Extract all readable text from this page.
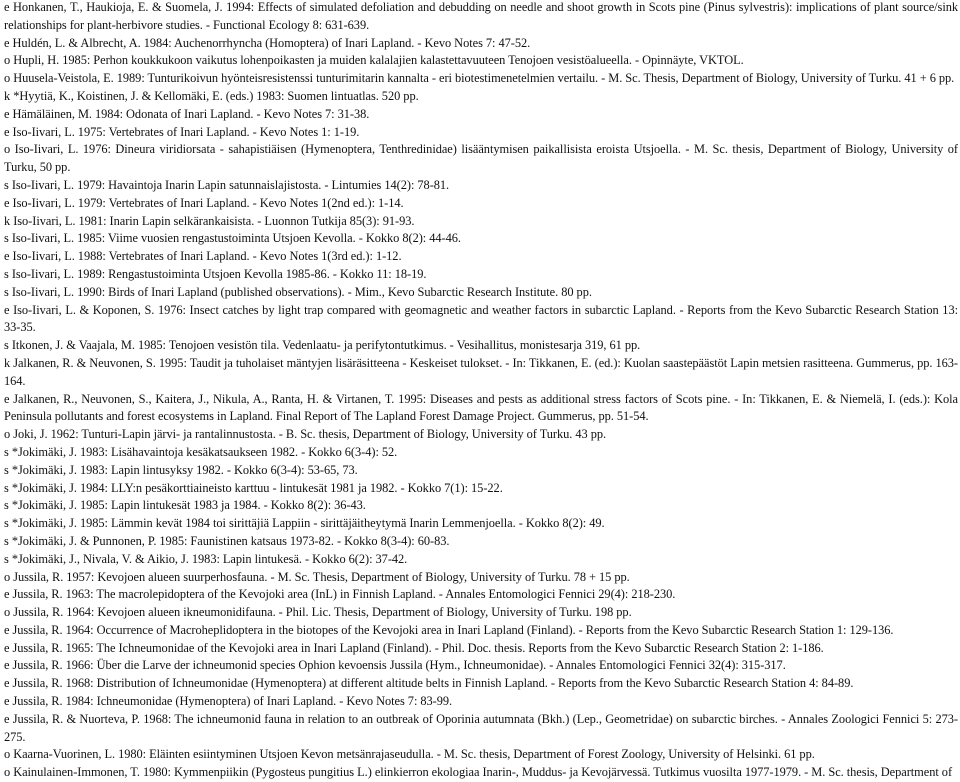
e Honkanen, T., Haukioja, E. & Suomela, J. 1994: Effects of simulated defoliation and debudding on needle and shoot growth in Scots pine (Pinus sylvestris): implications of plant source/sink relationships for plant-herbivore studies. - Functional Ecology 8: 631-639.

e Huldén, L. & Albrecht, A. 1984: Auchenorrhyncha (Homoptera) of Inari Lapland. - Kevo Notes 7: 47-52.

o Hupli, H. 1985: Perhon koukkukoon vaikutus lohenpoikasten ja muiden kalalajien kalastettavuuteen Tenojoen vesistöalueella. - Opinnäyte, VKTOL.

o Huusela-Veistola, E. 1989: Tunturikoivun hyönteisresistenssi tunturimitarin kannalta - eri biotestimenetelmien vertailu. - M. Sc. Thesis, Department of Biology, University of Turku. 41 + 6 pp.

k *Hyytiä, K., Koistinen, J. & Kellomäki, E. (eds.) 1983: Suomen lintuatlas. 520 pp.

e Hämäläinen, M. 1984: Odonata of Inari Lapland. - Kevo Notes 7: 31-38.

e Iso-Iivari, L. 1975: Vertebrates of Inari Lapland. - Kevo Notes 1: 1-19.

o Iso-Iivari, L. 1976: Dineura viridiorsata - sahapistiäisen (Hymenoptera, Tenthredinidae) lisääntymisen paikallisista eroista Utsjoella. - M. Sc. thesis, Department of Biology, University of Turku, 50 pp.

s Iso-Iivari, L. 1979: Havaintoja Inarin Lapin satunnaislajistosta. - Lintumies 14(2): 78-81.

e Iso-Iivari, L. 1979: Vertebrates of Inari Lapland. - Kevo Notes 1(2nd ed.): 1-14.

k Iso-Iivari, L. 1981: Inarin Lapin selkärankaisista. - Luonnon Tutkija 85(3): 91-93.

s Iso-Iivari, L. 1985: Viime vuosien rengastustoiminta Utsjoen Kevolla. - Kokko 8(2): 44-46.

e Iso-Iivari, L. 1988: Vertebrates of Inari Lapland. - Kevo Notes 1(3rd ed.): 1-12.

s Iso-Iivari, L. 1989: Rengastustoiminta Utsjoen Kevolla 1985-86. - Kokko 11: 18-19.

s Iso-Iivari, L. 1990: Birds of Inari Lapland (published observations). - Mim., Kevo Subarctic Research Institute. 80 pp.

e Iso-Iivari, L. & Koponen, S. 1976: Insect catches by light trap compared with geomagnetic and weather factors in subarctic Lapland. - Reports from the Kevo Subarctic Research Station 13: 33-35.

s Itkonen, J. & Vaajala, M. 1985: Tenojoen vesistön tila. Vedenlaatu- ja perifytontutkimus. - Vesihallitus, monistesarja 319, 61 pp.

k Jalkanen, R. & Neuvonen, S. 1995: Taudit ja tuholaiset mäntyjen lisäräsitteena - Keskeiset tulokset. - In: Tikkanen, E. (ed.): Kuolan saastepäästöt Lapin metsien rasitteena. Gummerus, pp. 163-164.

e Jalkanen, R., Neuvonen, S., Kaitera, J., Nikula, A., Ranta, H. & Virtanen, T. 1995: Diseases and pests as additional stress factors of Scots pine. - In: Tikkanen, E. & Niemelä, I. (eds.): Kola Peninsula pollutants and forest ecosystems in Lapland. Final Report of The Lapland Forest Damage Project. Gummerus, pp. 51-54.

o Joki, J. 1962: Tunturi-Lapin järvi- ja rantalinnustosta. - B. Sc. thesis, Department of Biology, University of Turku. 43 pp.

s *Jokimäki, J. 1983: Lisähavaintoja kesäkatsaukseen 1982. - Kokko 6(3-4): 52.

s *Jokimäki, J. 1983: Lapin lintusyksy 1982. - Kokko 6(3-4): 53-65, 73.

s *Jokimäki, J. 1984: LLY:n pesäkorttiaineisto karttuu - lintukesät 1981 ja 1982. - Kokko 7(1): 15-22.

s *Jokimäki, J. 1985: Lapin lintukesät 1983 ja 1984. - Kokko 8(2): 36-43.

s *Jokimäki, J. 1985: Lämmin kevät 1984 toi sirittäjiä Lappiin - sirittäjäitheytymä Inarin Lemmenjoella. - Kokko 8(2): 49.

s *Jokimäki, J. & Punnonen, P. 1985: Faunistinen katsaus 1973-82. - Kokko 8(3-4): 60-83.

s *Jokimäki, J., Nivala, V. & Aikio, J. 1983: Lapin lintukesä. - Kokko 6(2): 37-42.

o Jussila, R. 1957: Kevojoen alueen suurperhosfauna. - M. Sc. Thesis, Department of Biology, University of Turku. 78 + 15 pp.

e Jussila, R. 1963: The macrolepidoptera of the Kevojoki area (InL) in Finnish Lapland. - Annales Entomologici Fennici 29(4): 218-230.

o Jussila, R. 1964: Kevojoen alueen ikneumonidifauna. - Phil. Lic. Thesis, Department of Biology, University of Turku. 198 pp.

e Jussila, R. 1964: Occurrence of Macroheplidoptera in the biotopes of the Kevojoki area in Inari Lapland (Finland). - Reports from the Kevo Subarctic Research Station 1: 129-136.

e Jussila, R. 1965: The Ichneumonidae of the Kevojoki area in Inari Lapland (Finland). - Phil. Doc. thesis. Reports from the Kevo Subarctic Research Station 2: 1-186.

e Jussila, R. 1966: Über die Larve der ichneumonid species Ophion kevoensis Jussila (Hym., Ichneumonidae). - Annales Entomologici Fennici 32(4): 315-317.

e Jussila, R. 1968: Distribution of Ichneumonidae (Hymenoptera) at different altitude belts in Finnish Lapland. - Reports from the Kevo Subarctic Research Station 4: 84-89.

e Jussila, R. 1984: Ichneumonidae (Hymenoptera) of Inari Lapland. - Kevo Notes 7: 83-99.

e Jussila, R. & Nuorteva, P. 1968: The ichneumonid fauna in relation to an outbreak of Oporinia autumnata (Bkh.) (Lep., Geometridae) on subarctic birches. - Annales Zoologici Fennici 5: 273-275.

o Kaarna-Vuorinen, L. 1980: Eläinten esiintyminen Utsjoen Kevon metsänrajaseudulla. - M. Sc. thesis, Department of Forest Zoology, University of Helsinki. 61 pp.

o Kainulainen-Immonen, T. 1980: Kymmenpiikin (Pygosteus pungitius L.) elinkierron ekologiaa Inarin-, Muddus- ja Kevojärvessä. Tutkimus vuosilta 1977-1979. - M. Sc. thesis, Department of
